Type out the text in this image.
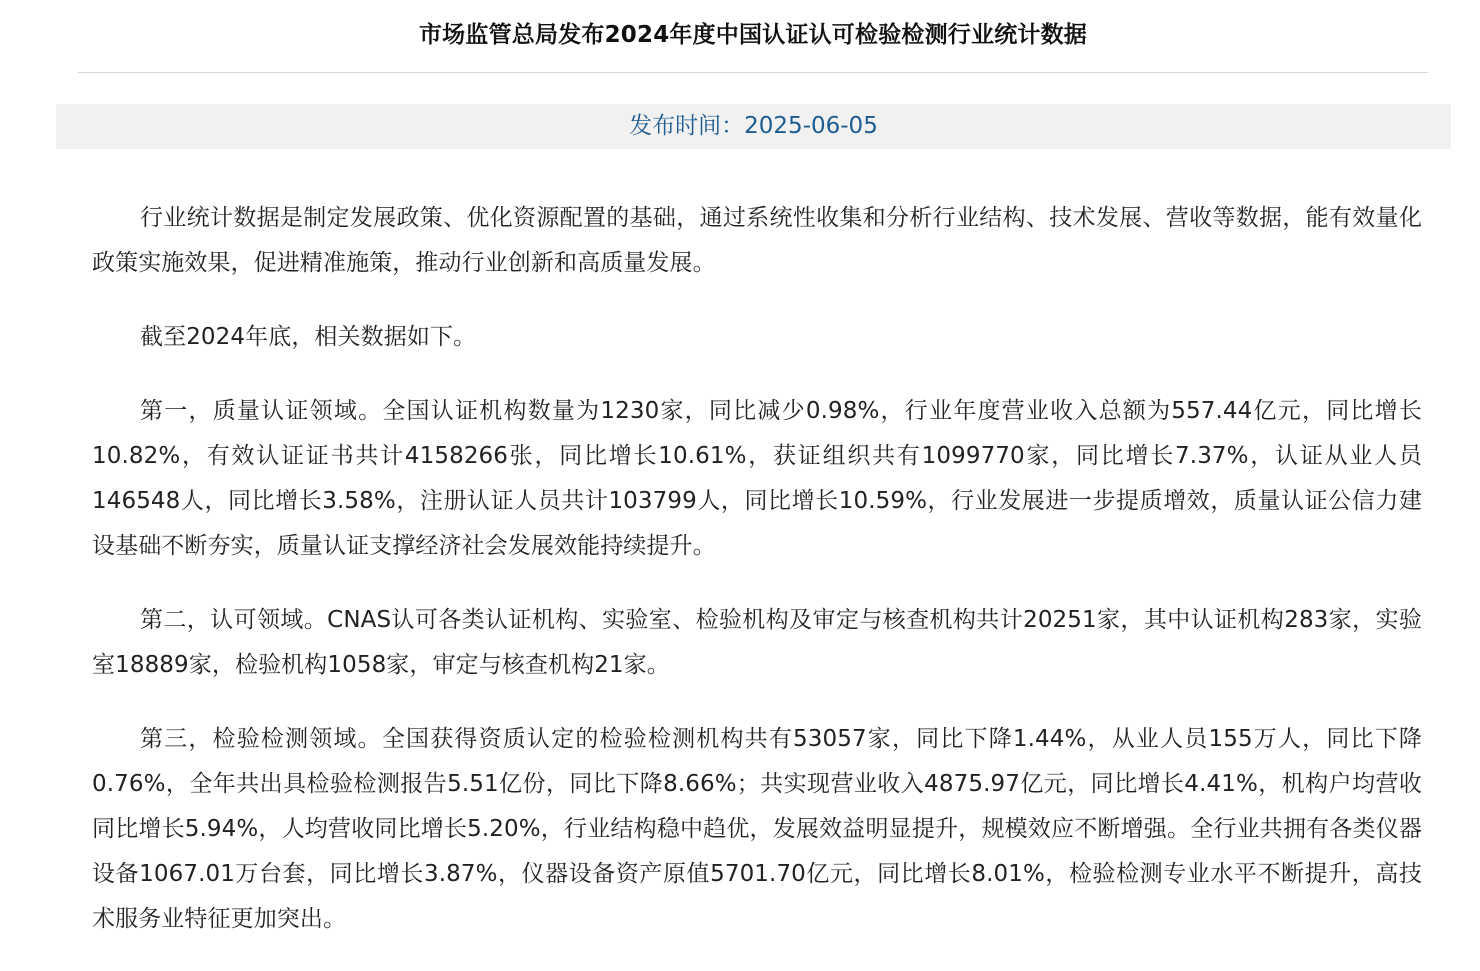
市场监管总局发布2024年度中国认证认可检验检测行业统计数据
发布时间：2025-06-05

行业统计数据是制定发展政策、优化资源配置的基础，通过系统性收集和分析行业结构、技术发展、营收等数据，能有效量化政策实施效果，促进精准施策，推动行业创新和高质量发展。

截至2024年底，相关数据如下。

第一，质量认证领域。全国认证机构数量为1230家，同比减少0.98%，行业年度营业收入总额为557.44亿元，同比增长10.82%，有效认证证书共计4158266张，同比增长10.61%，获证组织共有1099770家，同比增长7.37%，认证从业人员146548人，同比增长3.58%，注册认证人员共计103799人，同比增长10.59%，行业发展进一步提质增效，质量认证公信力建设基础不断夯实，质量认证支撑经济社会发展效能持续提升。

第二，认可领域。CNAS认可各类认证机构、实验室、检验机构及审定与核查机构共计20251家，其中认证机构283家，实验室18889家，检验机构1058家，审定与核查机构21家。

第三，检验检测领域。全国获得资质认定的检验检测机构共有53057家，同比下降1.44%，从业人员155万人，同比下降0.76%，全年共出具检验检测报告5.51亿份，同比下降8.66%；共实现营业收入4875.97亿元，同比增长4.41%，机构户均营收同比增长5.94%，人均营收同比增长5.20%，行业结构稳中趋优，发展效益明显提升，规模效应不断增强。全行业共拥有各类仪器设备1067.01万台套，同比增长3.87%，仪器设备资产原值5701.70亿元，同比增长8.01%，检验检测专业水平不断提升，高技术服务业特征更加突出。
